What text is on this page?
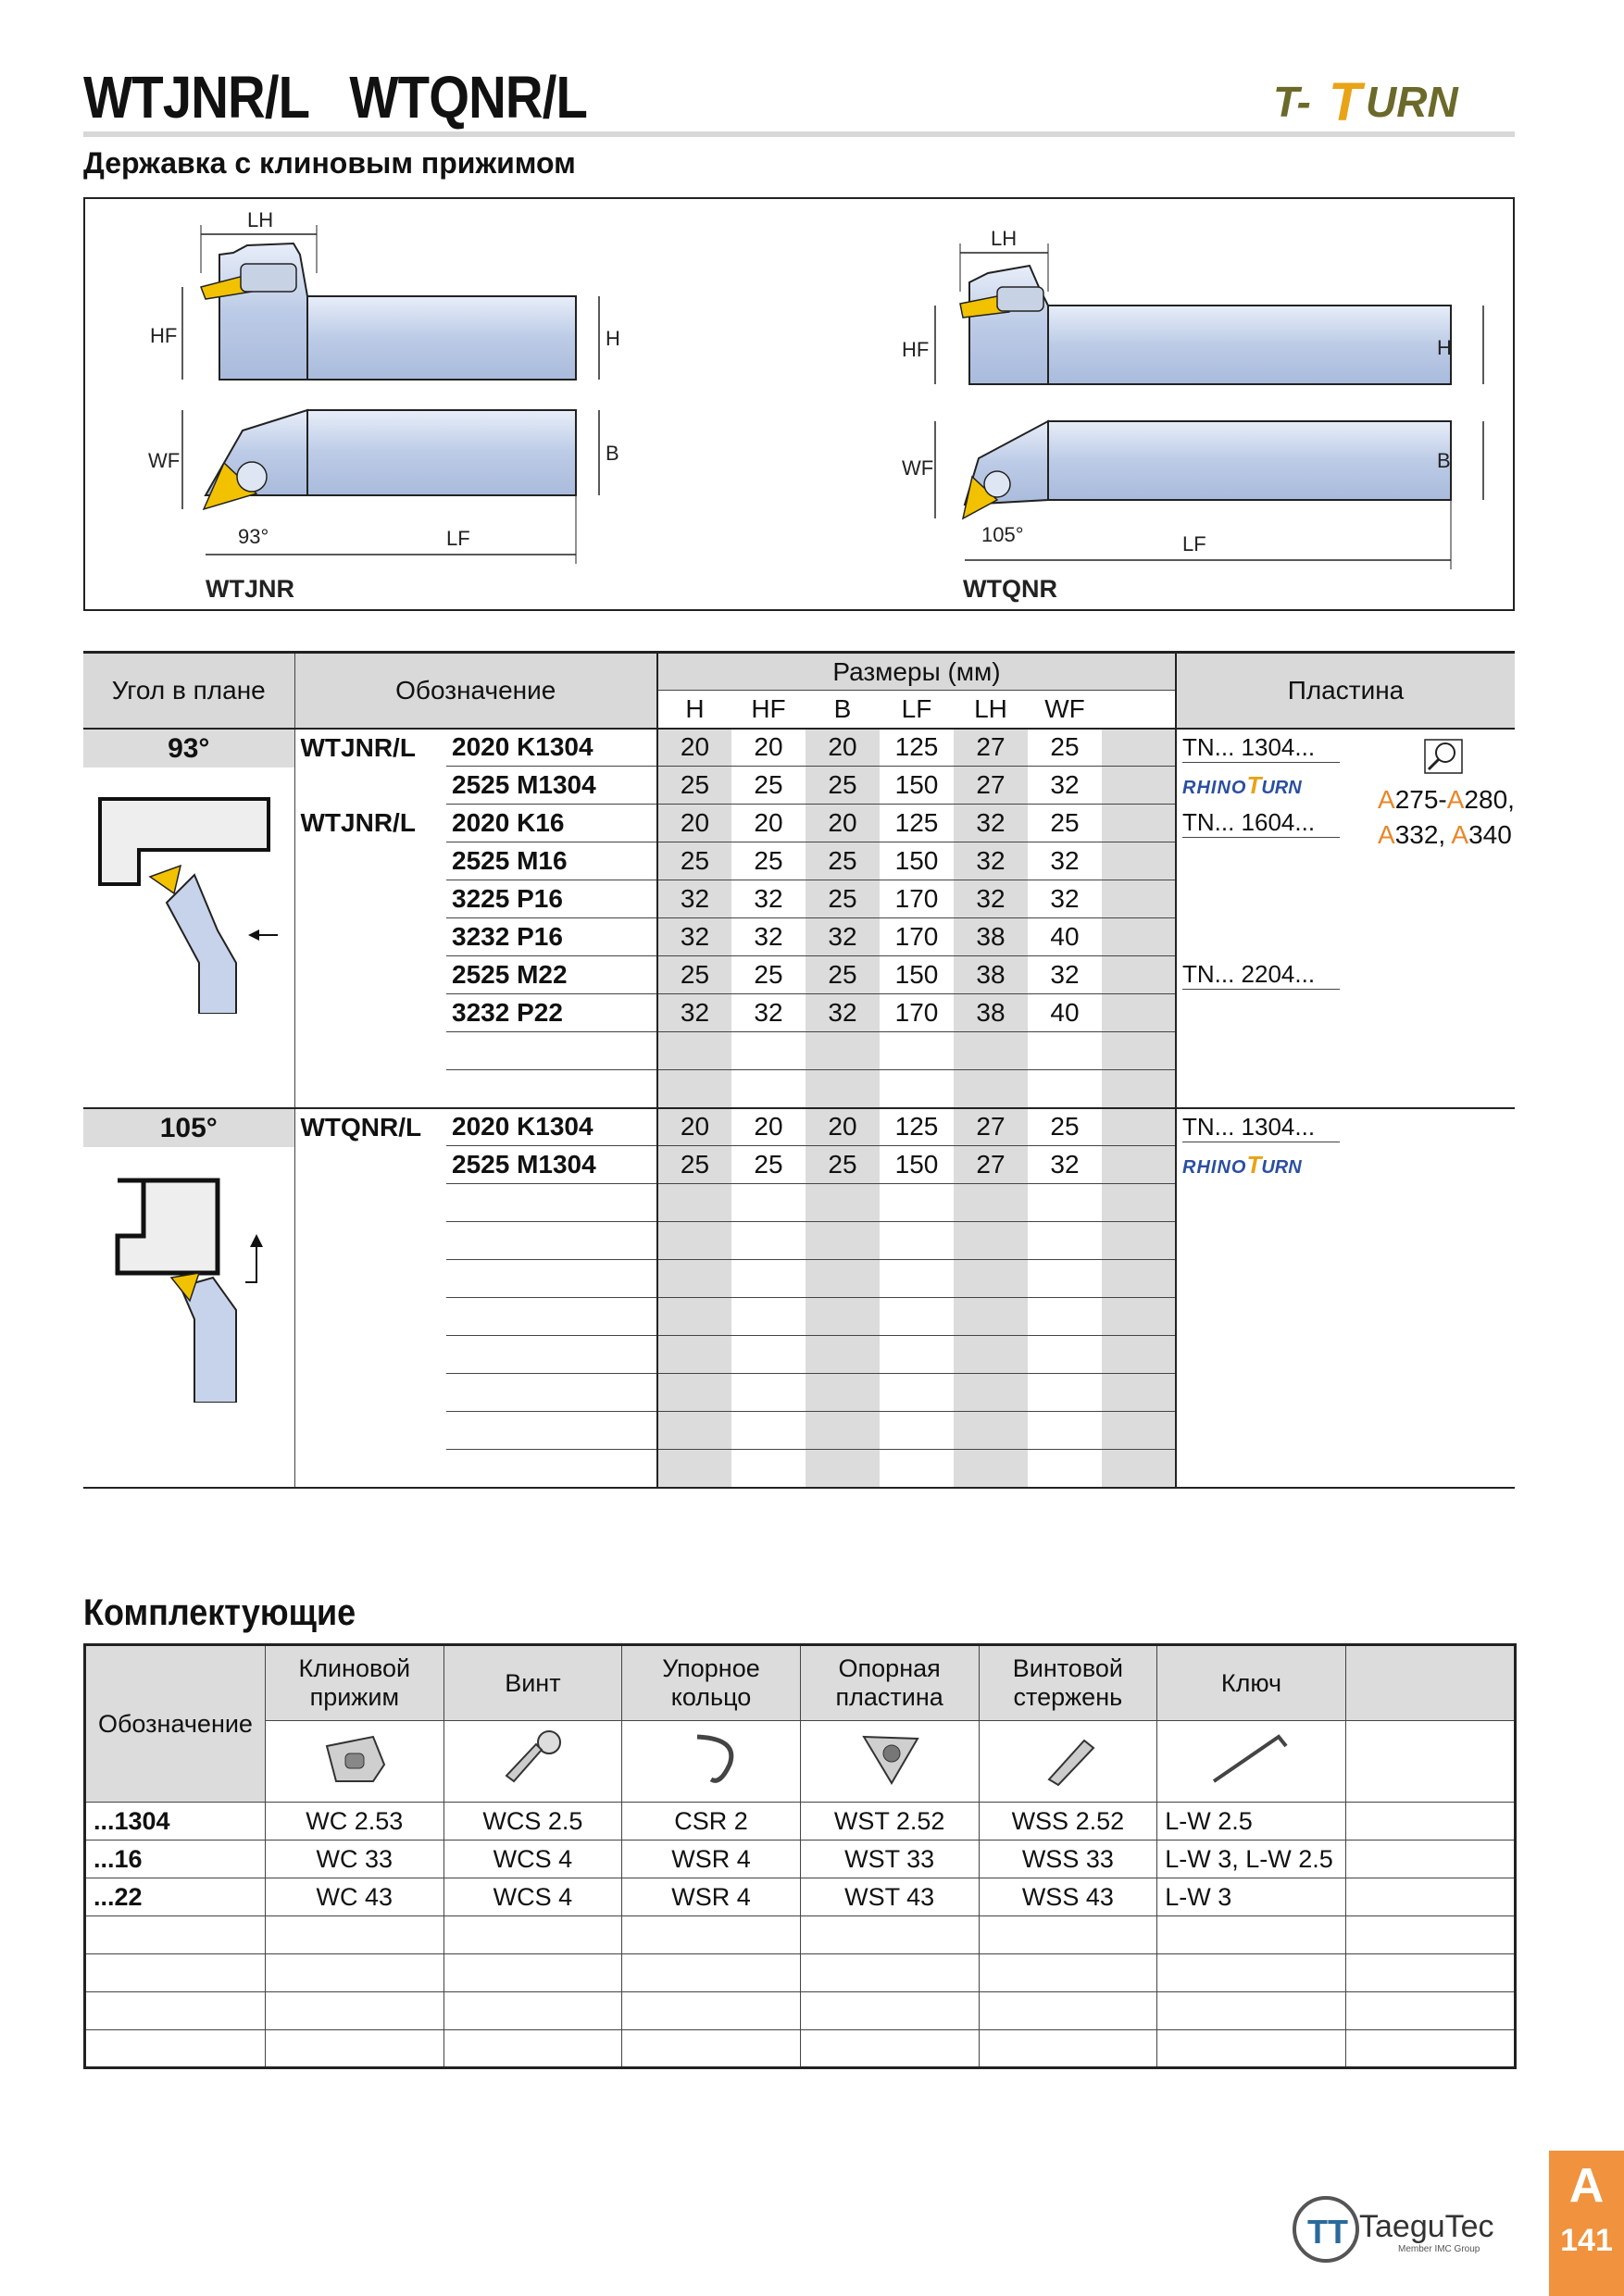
WTJNR/L   WTQNR/L	T- T URN
Державка с клиновым прижимом
LH
HF	H
WF	B
LF
93°
WTJNR
LH
HF	H
WF	B
LF
105°
WTQNR
Угол в плане	Обозначение		Размеры (мм)							Пластина
			H	HF	B	LF	LH	WF		

93°	WTJNR/L	2020 K1304	20	20	20	125	27	25		TN... 1304...
		2525 M1304	25	25	25	150	27	32		RHINOTURN
	WTJNR/L	2020 K16	20	20	20	125	32	25		TN... 1604...
		2525 M16	25	25	25	150	32	32		
		3225 P16	32	32	25	170	32	32		
		3232 P16	32	32	32	170	38	40		
		2525 M22	25	25	25	150	38	32		TN... 2204...
		3232 P22	32	32	32	170	38	40		

105°	WTQNR/L	2020 K1304	20	20	20	125	27	25		TN... 1304...
		2525 M1304	25	25	25	150	27	32		RHINOTURN

A275-A280,
A332, A340
Комплектующие
Обозначение	Клиновой прижим	Винт	Упорное кольцо	Опорная пластина	Винтовой стержень	Ключ	

...1304	WC 2.53	WCS 2.5	CSR 2	WST 2.52	WSS 2.52	L-W 2.5	
...16	WC 33	WCS 4	WSR 4	WST 33	WSS 33	L-W 3, L-W 2.5	
...22	WC 43	WCS 4	WSR 4	WST 43	WSS 43	L-W 3	

TT TaeguTec
Member IMC Group
A
141
